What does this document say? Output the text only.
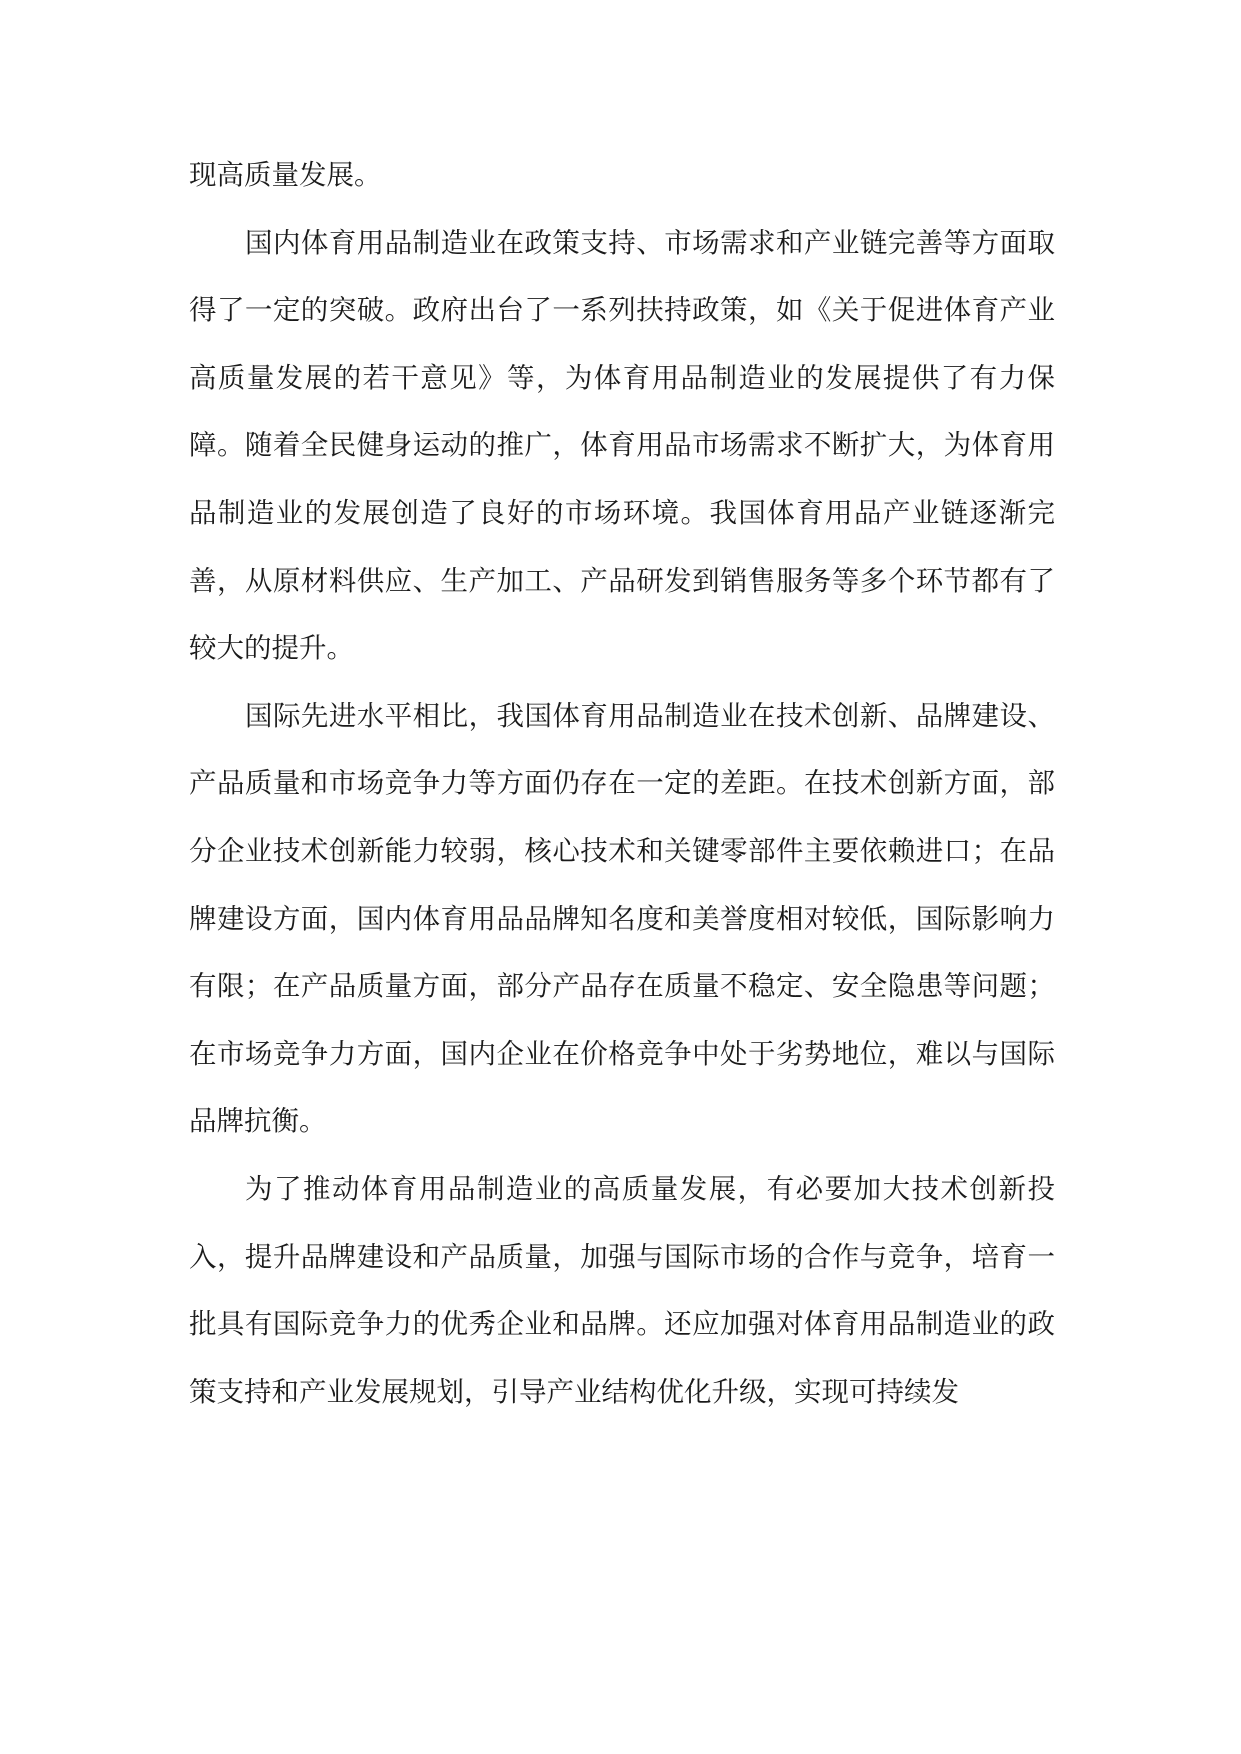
现高质量发展。

国内体育用品制造业在政策支持、市场需求和产业链完善等方面取得了一定的突破。政府出台了一系列扶持政策，如《关于促进体育产业高质量发展的若干意见》等，为体育用品制造业的发展提供了有力保障。随着全民健身运动的推广，体育用品市场需求不断扩大，为体育用品制造业的发展创造了良好的市场环境。我国体育用品产业链逐渐完善，从原材料供应、生产加工、产品研发到销售服务等多个环节都有了较大的提升。

国际先进水平相比，我国体育用品制造业在技术创新、品牌建设、产品质量和市场竞争力等方面仍存在一定的差距。在技术创新方面，部分企业技术创新能力较弱，核心技术和关键零部件主要依赖进口；在品牌建设方面，国内体育用品品牌知名度和美誉度相对较低，国际影响力有限；在产品质量方面，部分产品存在质量不稳定、安全隐患等问题；在市场竞争力方面，国内企业在价格竞争中处于劣势地位，难以与国际品牌抗衡。

为了推动体育用品制造业的高质量发展，有必要加大技术创新投入，提升品牌建设和产品质量，加强与国际市场的合作与竞争，培育一批具有国际竞争力的优秀企业和品牌。还应加强对体育用品制造业的政策支持和产业发展规划，引导产业结构优化升级，实现可持续发
